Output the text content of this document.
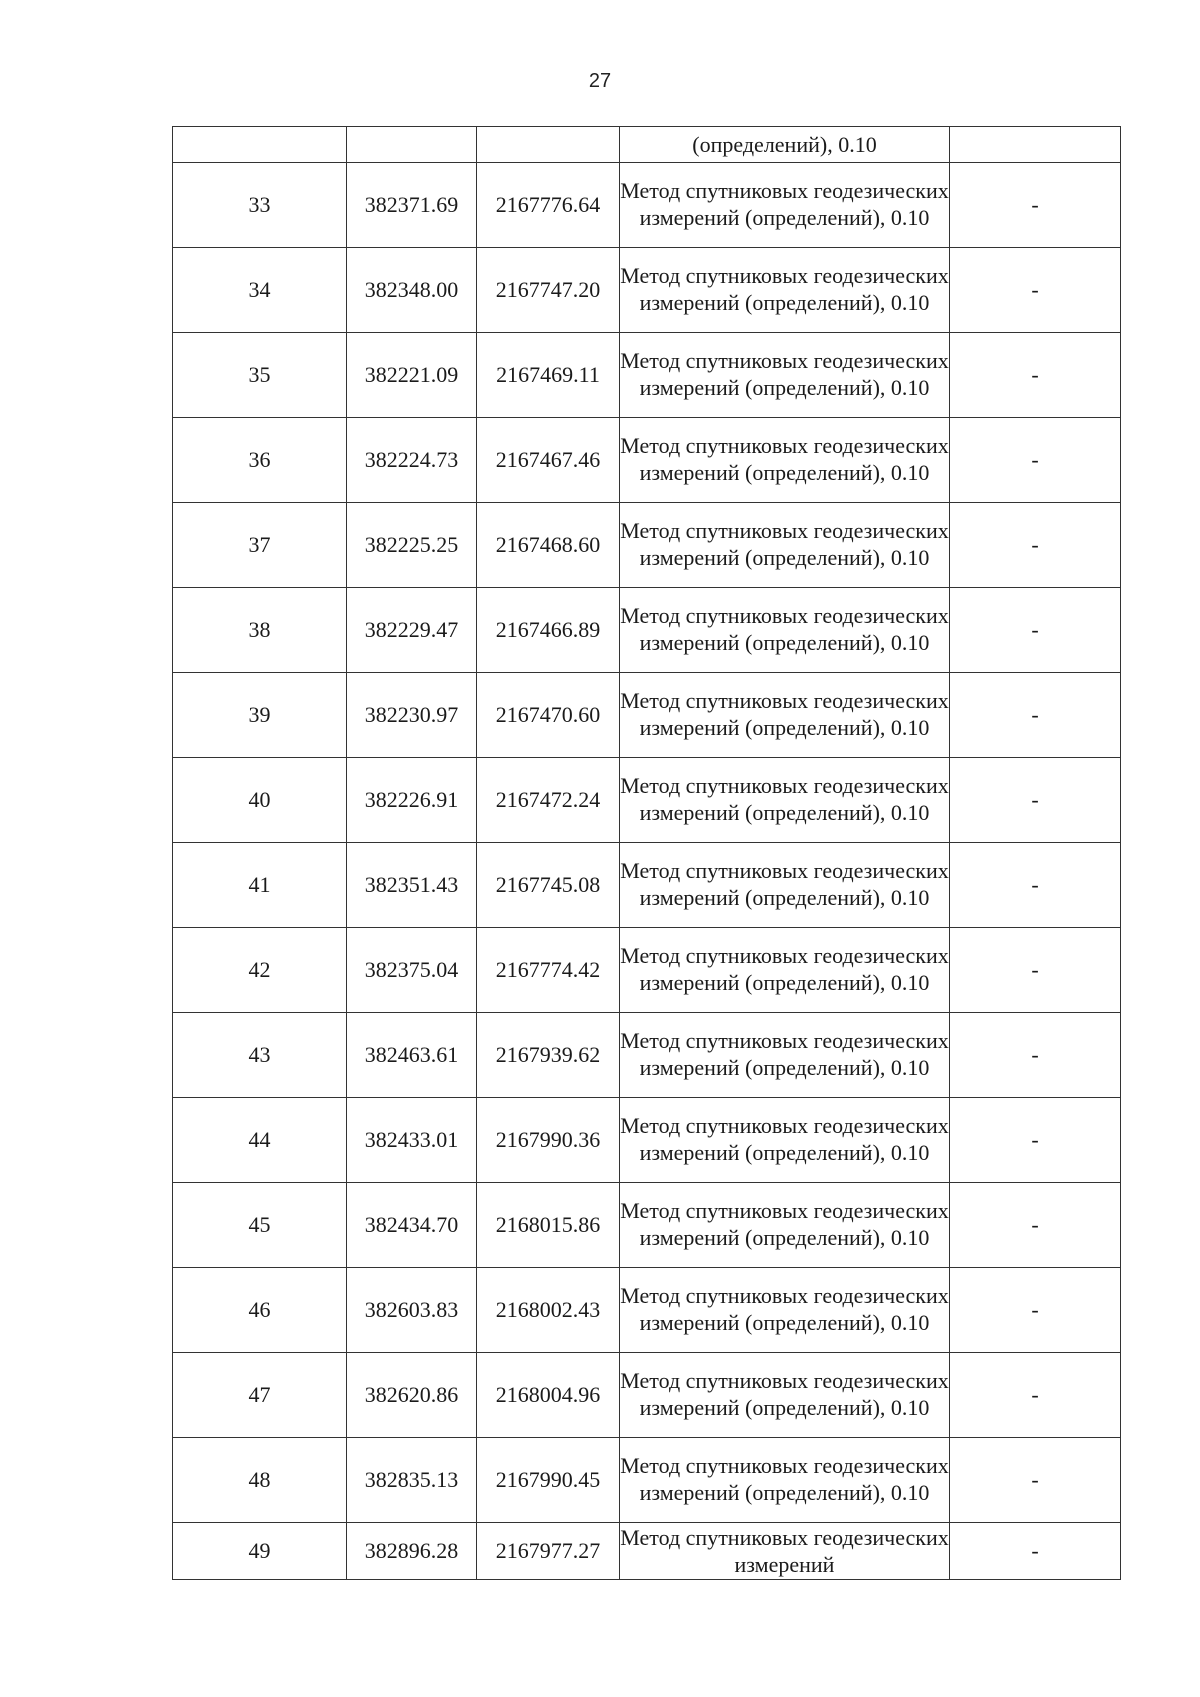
27
			(определений), 0.10	
33	382371.69	2167776.64	Метод спутниковых геодезических измерений (определений), 0.10	-
34	382348.00	2167747.20	Метод спутниковых геодезических измерений (определений), 0.10	-
35	382221.09	2167469.11	Метод спутниковых геодезических измерений (определений), 0.10	-
36	382224.73	2167467.46	Метод спутниковых геодезических измерений (определений), 0.10	-
37	382225.25	2167468.60	Метод спутниковых геодезических измерений (определений), 0.10	-
38	382229.47	2167466.89	Метод спутниковых геодезических измерений (определений), 0.10	-
39	382230.97	2167470.60	Метод спутниковых геодезических измерений (определений), 0.10	-
40	382226.91	2167472.24	Метод спутниковых геодезических измерений (определений), 0.10	-
41	382351.43	2167745.08	Метод спутниковых геодезических измерений (определений), 0.10	-
42	382375.04	2167774.42	Метод спутниковых геодезических измерений (определений), 0.10	-
43	382463.61	2167939.62	Метод спутниковых геодезических измерений (определений), 0.10	-
44	382433.01	2167990.36	Метод спутниковых геодезических измерений (определений), 0.10	-
45	382434.70	2168015.86	Метод спутниковых геодезических измерений (определений), 0.10	-
46	382603.83	2168002.43	Метод спутниковых геодезических измерений (определений), 0.10	-
47	382620.86	2168004.96	Метод спутниковых геодезических измерений (определений), 0.10	-
48	382835.13	2167990.45	Метод спутниковых геодезических измерений (определений), 0.10	-
49	382896.28	2167977.27	Метод спутниковых геодезических измерений	-
